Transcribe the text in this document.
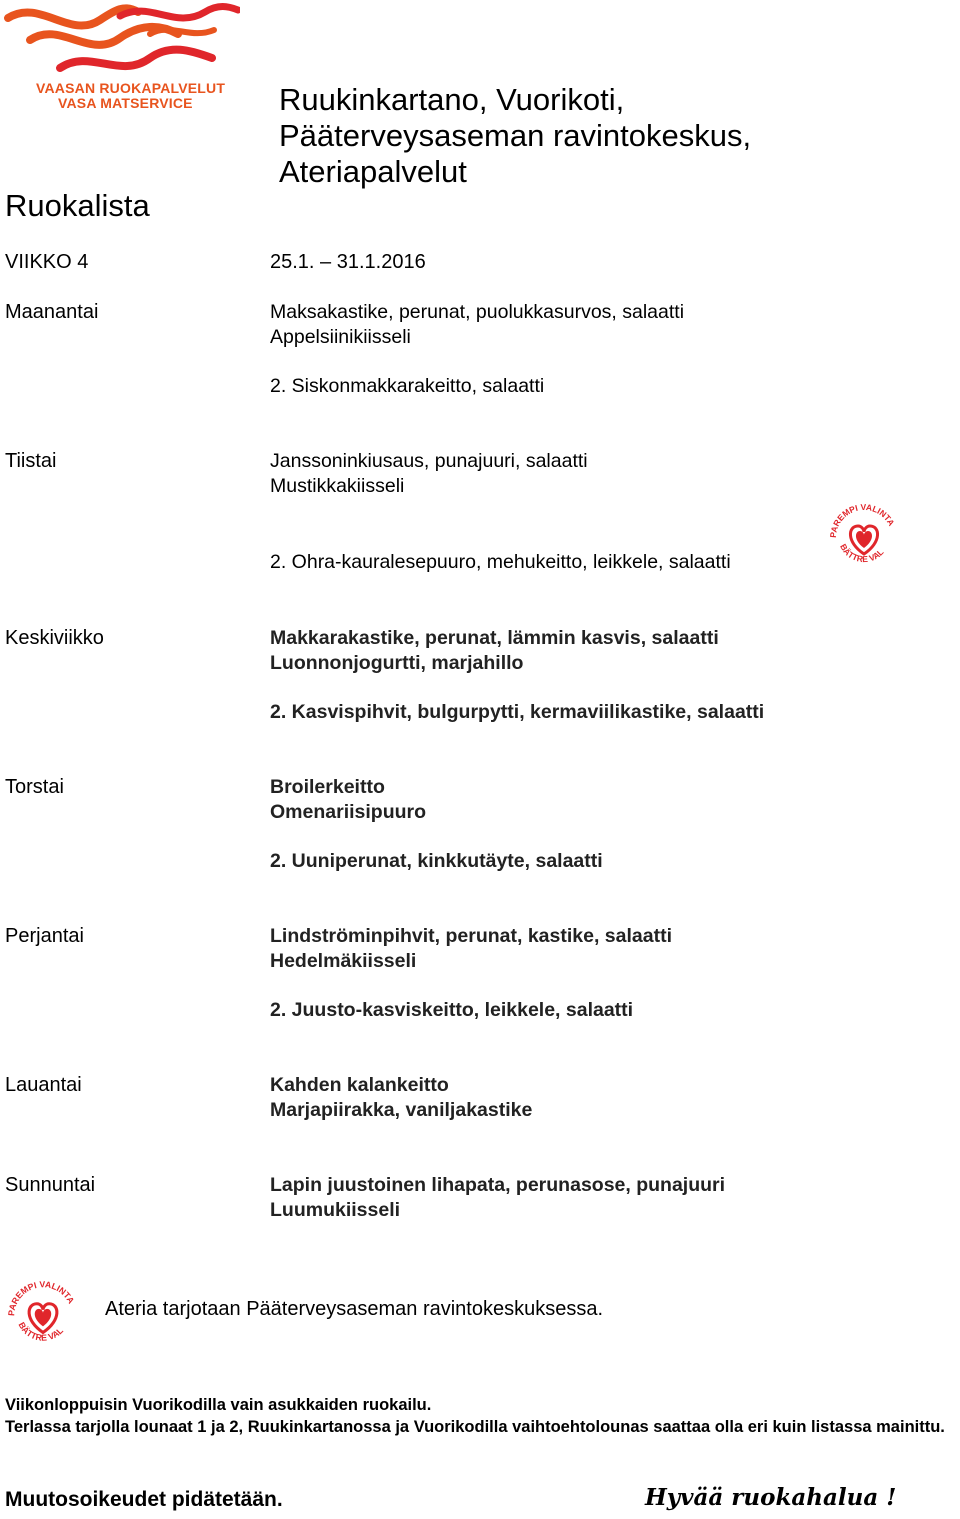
VAASAN RUOKAPALVELUT
VASA MATSERVICE	Ruukinkartano, Vuorikoti,
Pääterveysaseman ravintokeskus,
Ateriapalvelut
Ruokalista
VIIKKO 4	25.1. – 31.1.2016
Maanantai	Maksakastike, perunat, puolukkasurvos, salaatti
Appelsiinikiisseli
2. Siskonmakkarakeitto, salaatti
Tiistai	Janssoninkiusaus, punajuuri, salaatti
Mustikkakiisseli
2. Ohra-kauralesepuuro, mehukeitto, leikkele, salaatti
PAREMPI VALINTA
BÄTTRE VAL
Keskiviikko	Makkarakastike, perunat, lämmin kasvis, salaatti
Luonnonjogurtti, marjahillo
2. Kasvispihvit, bulgurpytti, kermaviilikastike, salaatti
Torstai	Broilerkeitto
Omenariisipuuro
2. Uuniperunat, kinkkutäyte, salaatti
Perjantai	Lindströminpihvit, perunat, kastike, salaatti
Hedelmäkiisseli
2. Juusto-kasviskeitto, leikkele, salaatti
Lauantai	Kahden kalankeitto
Marjapiirakka, vaniljakastike
Sunnuntai	Lapin juustoinen lihapata, perunasose, punajuuri
Luumukiisseli
PAREMPI VALINTA
BÄTTRE VAL
Ateria tarjotaan Pääterveysaseman ravintokeskuksessa.
Viikonloppuisin Vuorikodilla vain asukkaiden ruokailu.
Terlassa tarjolla lounaat 1 ja 2, Ruukinkartanossa ja Vuorikodilla vaihtoehtolounas saattaa olla eri kuin listassa mainittu.
Muutosoikeudet pidätetään.	Hyvää ruokahalua !
